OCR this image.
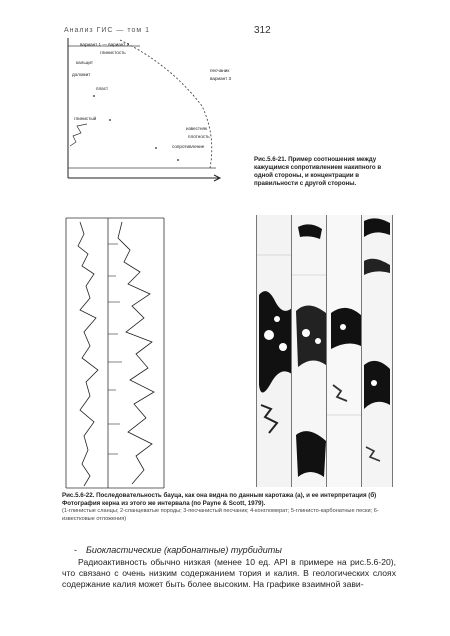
Анализ ГИС — том 1	312
вариант 1 — вариант 2
глинистость
кальцит
доломит
песчаник
вариант 3
пласт
глинистый
известняк
плотность
сопротивление
Рис.5.6-21. Пример соотношения между кажущимся сопротивлением накипного в одной стороны, и концентрации в правильности с другой стороны.
Рис.5.6-22. Последовательность бауца, как она видна по данным каротажа (а), и ее интерпретация (б) Фотография керна из этого же интервала (по Payne & Scott, 1979).
(1-глинистые сланцы; 2-сланцеватые породы; 3-песчанистый песчаник; 4-конгломерат; 5-глинисто-карбонатные пески; 6-известковые отложения)
- Биокластические (карбонатные) турбидиты

Радиоактивность обычно низкая (менее 10 ед. API в примере на рис.5.6-20), что связано с очень низким содержанием тория и калия. В геологических слоях содержание калия может быть более высоким. На графике взаимной зави-
